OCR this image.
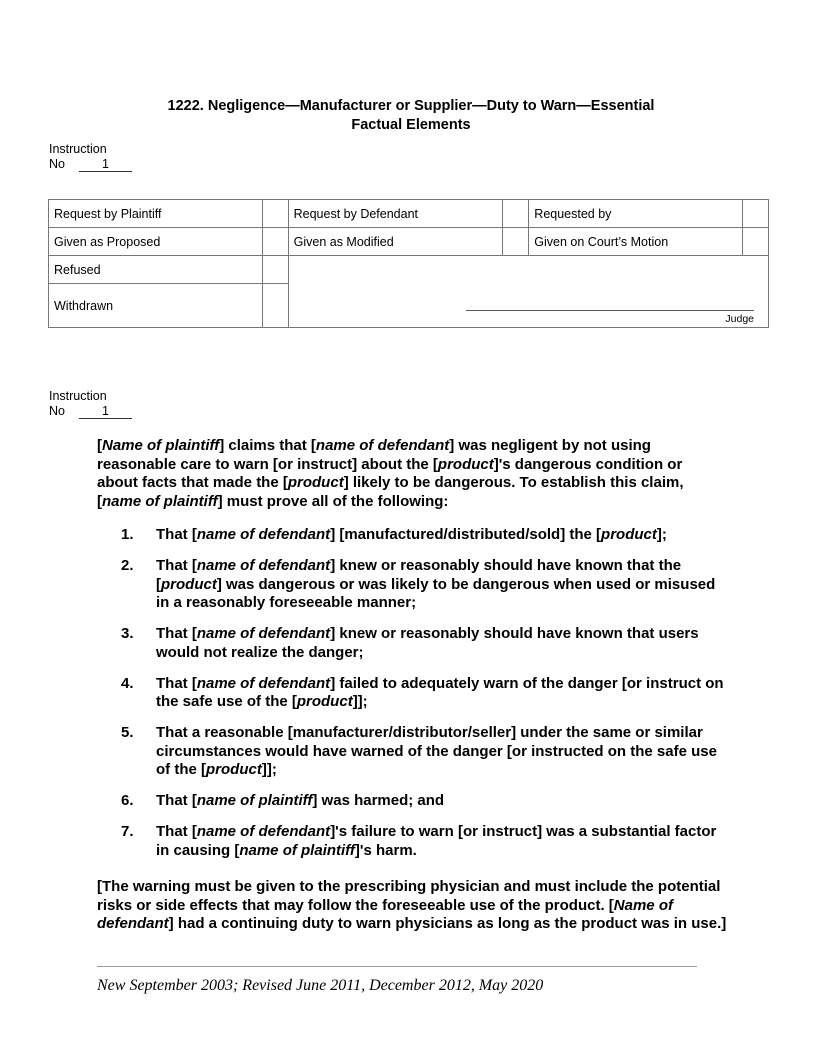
1222. Negligence—Manufacturer or Supplier—Duty to Warn—Essential
Factual Elements
Instruction
No	1
Request by Plaintiff		Request by Defendant		Requested by	
Given as Proposed		Given as Modified		Given on Court’s Motion	
Refused		Judge			

Withdrawn					
Instruction
No	1
[Name of plaintiff] claims that [name of defendant] was negligent by not using reasonable care to warn [or instruct] about the [product]'s dangerous condition or about facts that made the [product] likely to be dangerous. To establish this claim, [name of plaintiff] must prove all of the following:
1.	That [name of defendant] [manufactured/distributed/sold] the [product];
2.	That [name of defendant] knew or reasonably should have known that the [product] was dangerous or was likely to be dangerous when used or misused in a reasonably foreseeable manner;
3.	That [name of defendant] knew or reasonably should have known that users would not realize the danger;
4.	That [name of defendant] failed to adequately warn of the danger [or instruct on the safe use of the [product]];
5.	That a reasonable [manufacturer/distributor/seller] under the same or similar circumstances would have warned of the danger [or instructed on the safe use of the [product]];
6.	That [name of plaintiff] was harmed; and
7.	That [name of defendant]'s failure to warn [or instruct] was a substantial factor in causing [name of plaintiff]'s harm.
[The warning must be given to the prescribing physician and must include the potential risks or side effects that may follow the foreseeable use of the product. [Name of defendant] had a continuing duty to warn physicians as long as the product was in use.]
New September 2003; Revised June 2011, December 2012, May 2020
